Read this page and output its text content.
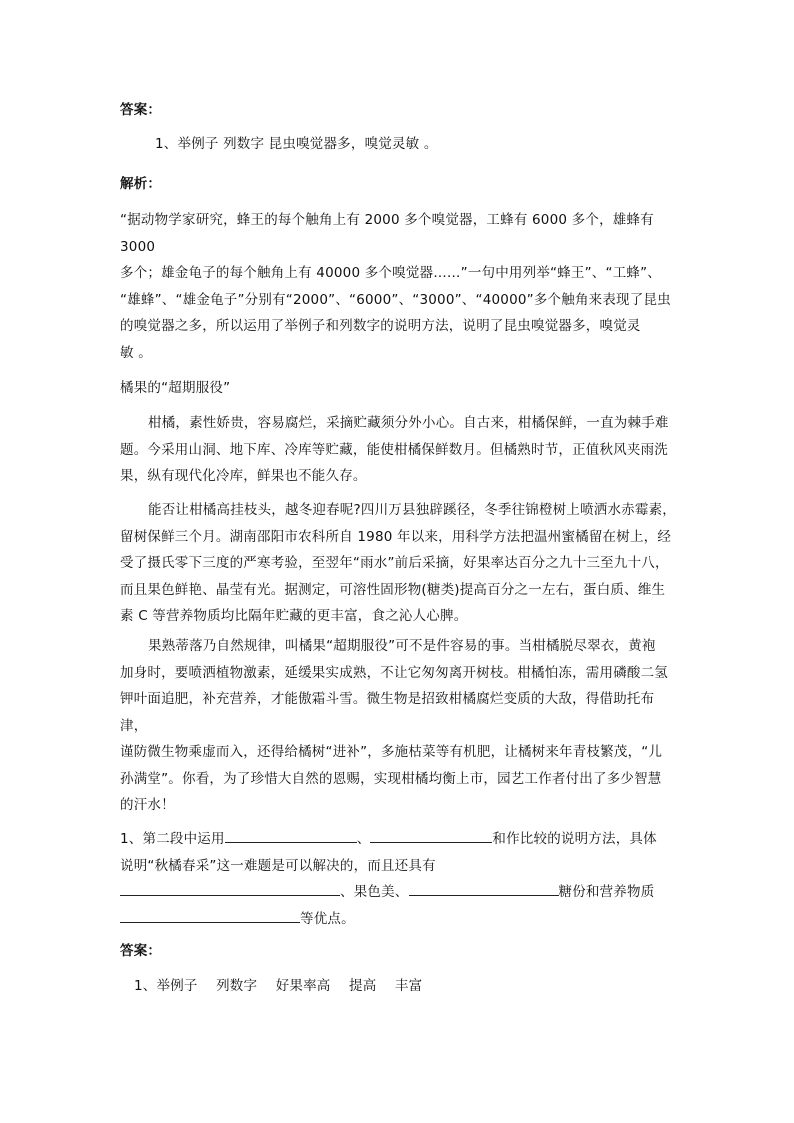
答案：
1、举例子 列数字 昆虫嗅觉器多，嗅觉灵敏 。
解析：
“据动物学家研究，蜂王的每个触角上有 2000 多个嗅觉器，工蜂有 6000 多个，雄蜂有 3000
多个；雄金龟子的每个触角上有 40000 多个嗅觉器……”一句中用列举“蜂王”、“工蜂”、
“雄蜂”、“雄金龟子”分别有“2000”、“6000”、“3000”、“40000”多个触角来表现了昆虫
的嗅觉器之多，所以运用了举例子和列数字的说明方法，说明了昆虫嗅觉器多，嗅觉灵
敏 。
橘果的“超期服役”
柑橘，素性娇贵，容易腐烂，采摘贮藏须分外小心。自古来，柑橘保鲜，一直为棘手难
题。今采用山洞、地下库、冷库等贮藏，能使柑橘保鲜数月。但橘熟时节，正值秋风夹雨洗
果，纵有现代化冷库，鲜果也不能久存。
能否让柑橘高挂枝头，越冬迎春呢?四川万县独辟蹊径，冬季往锦橙树上喷洒水赤霉素，
留树保鲜三个月。湖南邵阳市农科所自 1980 年以来，用科学方法把温州蜜橘留在树上，经
受了摄氏零下三度的严寒考验，至翌年“雨水”前后采摘，好果率达百分之九十三至九十八，
而且果色鲜艳、晶莹有光。据测定，可溶性固形物(糖类)提高百分之一左右，蛋白质、维生
素 C 等营养物质均比隔年贮藏的更丰富，食之沁人心脾。
果熟蒂落乃自然规律，叫橘果“超期服役”可不是件容易的事。当柑橘脱尽翠衣，黄袍
加身时，要喷洒植物激素，延缓果实成熟，不让它匆匆离开树枝。柑橘怕冻，需用磷酸二氢
钾叶面追肥，补充营养，才能傲霜斗雪。微生物是招致柑橘腐烂变质的大敌，得借助托布津，
谨防微生物乘虚而入，还得给橘树“进补”，多施枯菜等有机肥，让橘树来年青枝繁茂，“儿
孙满堂”。你看，为了珍惜大自然的恩赐，实现柑橘均衡上市，园艺工作者付出了多少智慧
的汗水！
1、第二段中运用	、	和作比较的说明方法，具体
说明“秋橘春采”这一难题是可以解决的，而且还具有
、果色美、	糖份和营养物质
等优点。
答案：
1、举例子 列数字 好果率高 提高 丰富
